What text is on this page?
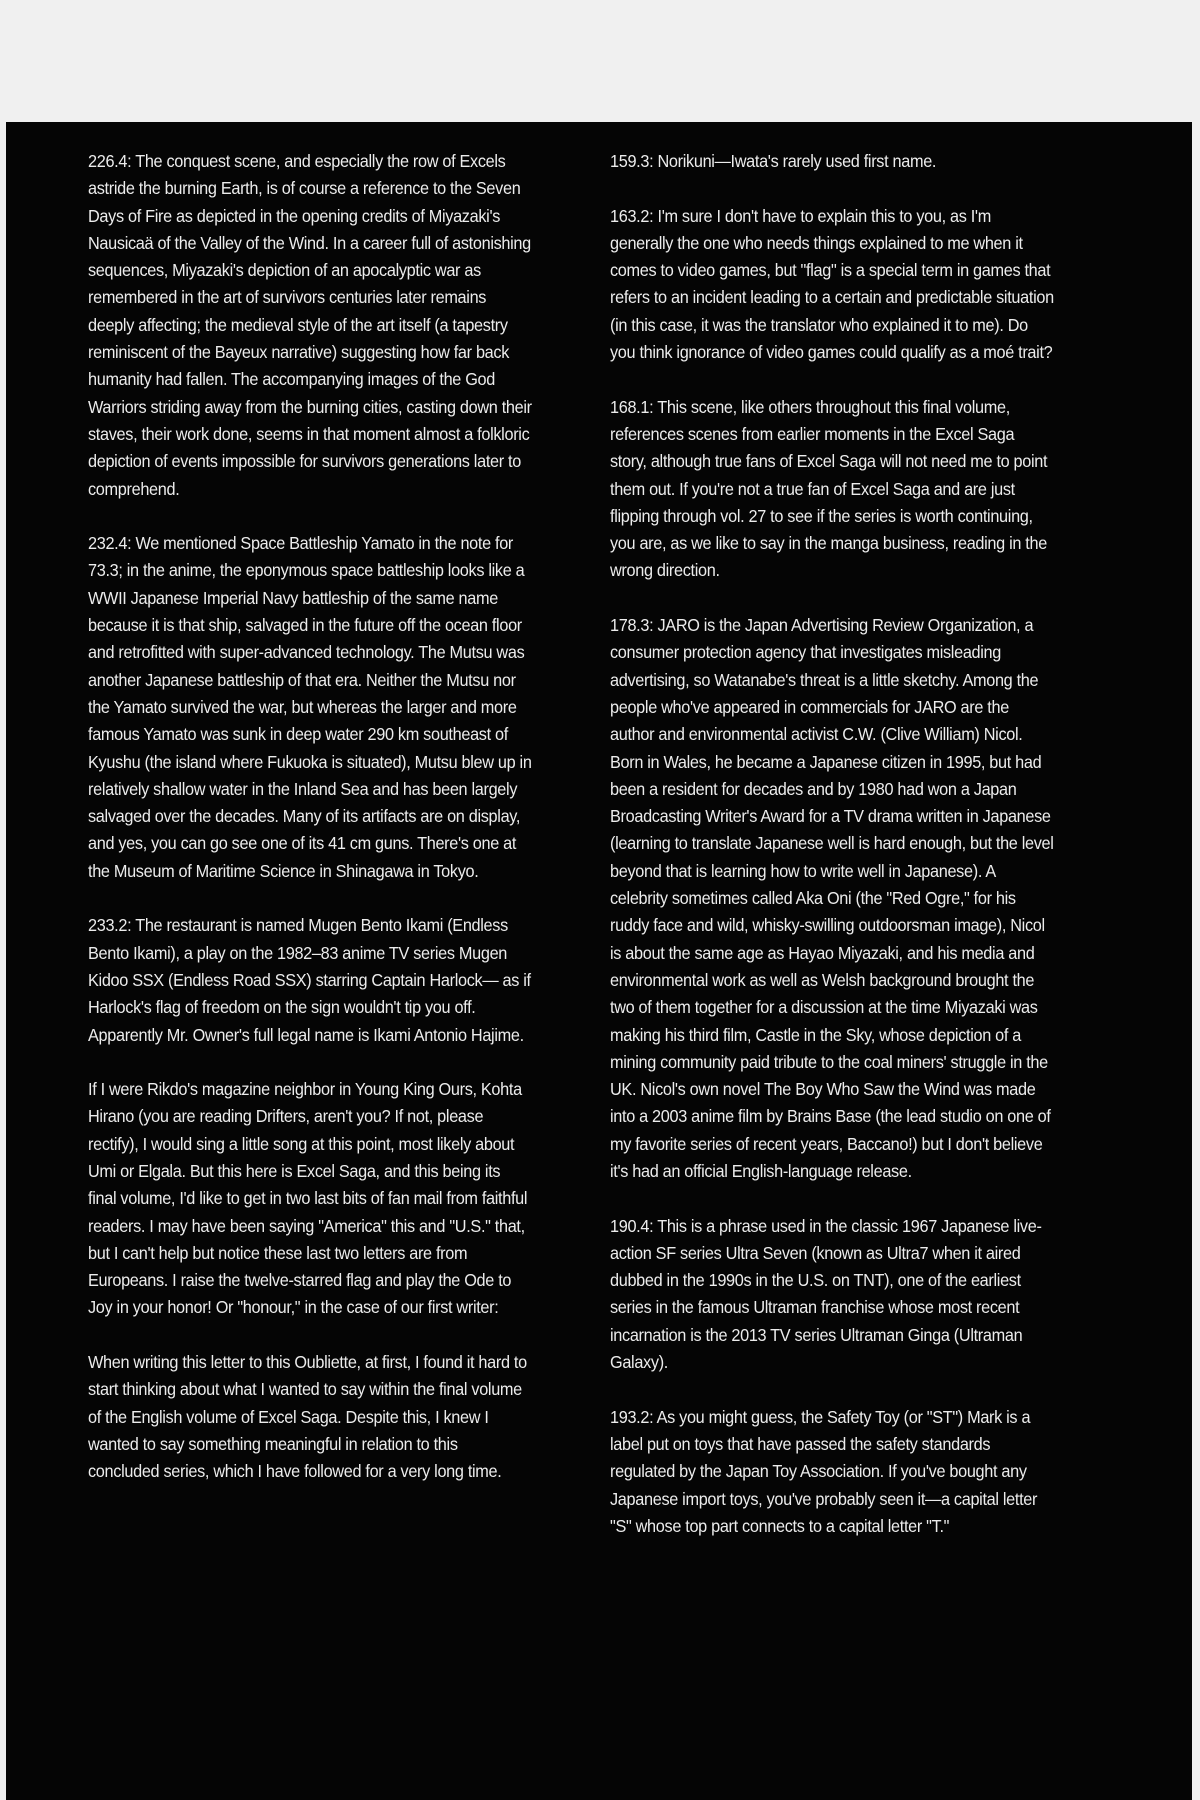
226.4: The conquest scene, and especially the row of Excels astride the burning Earth, is of course a reference to the Seven Days of Fire as depicted in the opening credits of Miyazaki's Nausicaä of the Valley of the Wind. In a career full of astonishing sequences, Miyazaki's depiction of an apocalyptic war as remembered in the art of survivors centuries later remains deeply affecting; the medieval style of the art itself (a tapestry reminiscent of the Bayeux narrative) suggesting how far back humanity had fallen. The accompanying images of the God Warriors striding away from the burning cities, casting down their staves, their work done, seems in that moment almost a folkloric depiction of events impossible for survivors generations later to comprehend.

232.4: We mentioned Space Battleship Yamato in the note for 73.3; in the anime, the eponymous space battleship looks like a WWII Japanese Imperial Navy battleship of the same name because it is that ship, salvaged in the future off the ocean floor and retrofitted with super-advanced technology. The Mutsu was another Japanese battleship of that era. Neither the Mutsu nor the Yamato survived the war, but whereas the larger and more famous Yamato was sunk in deep water 290 km southeast of Kyushu (the island where Fukuoka is situated), Mutsu blew up in relatively shallow water in the Inland Sea and has been largely salvaged over the decades. Many of its artifacts are on display, and yes, you can go see one of its 41 cm guns. There's one at the Museum of Maritime Science in Shinagawa in Tokyo.

233.2: The restaurant is named Mugen Bento Ikami (Endless Bento Ikami), a play on the 1982–83 anime TV series Mugen Kidoo SSX (Endless Road SSX) starring Captain Harlock— as if Harlock's flag of freedom on the sign wouldn't tip you off. Apparently Mr. Owner's full legal name is Ikami Antonio Hajime.

If I were Rikdo's magazine neighbor in Young King Ours, Kohta Hirano (you are reading Drifters, aren't you? If not, please rectify), I would sing a little song at this point, most likely about Umi or Elgala. But this here is Excel Saga, and this being its final volume, I'd like to get in two last bits of fan mail from faithful readers. I may have been saying "America" this and "U.S." that, but I can't help but notice these last two letters are from Europeans. I raise the twelve-starred flag and play the Ode to Joy in your honor! Or "honour," in the case of our first writer:

When writing this letter to this Oubliette, at first, I found it hard to start thinking about what I wanted to say within the final volume of the English volume of Excel Saga. Despite this, I knew I wanted to say something meaningful in relation to this concluded series, which I have followed for a very long time.

159.3: Norikuni—Iwata's rarely used first name.

163.2: I'm sure I don't have to explain this to you, as I'm generally the one who needs things explained to me when it comes to video games, but "flag" is a special term in games that refers to an incident leading to a certain and predictable situation (in this case, it was the translator who explained it to me). Do you think ignorance of video games could qualify as a moé trait?

168.1: This scene, like others throughout this final volume, references scenes from earlier moments in the Excel Saga story, although true fans of Excel Saga will not need me to point them out. If you're not a true fan of Excel Saga and are just flipping through vol. 27 to see if the series is worth continuing, you are, as we like to say in the manga business, reading in the wrong direction.

178.3: JARO is the Japan Advertising Review Organization, a consumer protection agency that investigates misleading advertising, so Watanabe's threat is a little sketchy. Among the people who've appeared in commercials for JARO are the author and environmental activist C.W. (Clive William) Nicol. Born in Wales, he became a Japanese citizen in 1995, but had been a resident for decades and by 1980 had won a Japan Broadcasting Writer's Award for a TV drama written in Japanese (learning to translate Japanese well is hard enough, but the level beyond that is learning how to write well in Japanese). A celebrity sometimes called Aka Oni (the "Red Ogre," for his ruddy face and wild, whisky-swilling outdoorsman image), Nicol is about the same age as Hayao Miyazaki, and his media and environmental work as well as Welsh background brought the two of them together for a discussion at the time Miyazaki was making his third film, Castle in the Sky, whose depiction of a mining community paid tribute to the coal miners' struggle in the UK. Nicol's own novel The Boy Who Saw the Wind was made into a 2003 anime film by Brains Base (the lead studio on one of my favorite series of recent years, Baccano!) but I don't believe it's had an official English-language release.

190.4: This is a phrase used in the classic 1967 Japanese live-action SF series Ultra Seven (known as Ultra7 when it aired dubbed in the 1990s in the U.S. on TNT), one of the earliest series in the famous Ultraman franchise whose most recent incarnation is the 2013 TV series Ultraman Ginga (Ultraman Galaxy).

193.2: As you might guess, the Safety Toy (or "ST") Mark is a label put on toys that have passed the safety standards regulated by the Japan Toy Association. If you've bought any Japanese import toys, you've probably seen it—a capital letter "S" whose top part connects to a capital letter "T."
